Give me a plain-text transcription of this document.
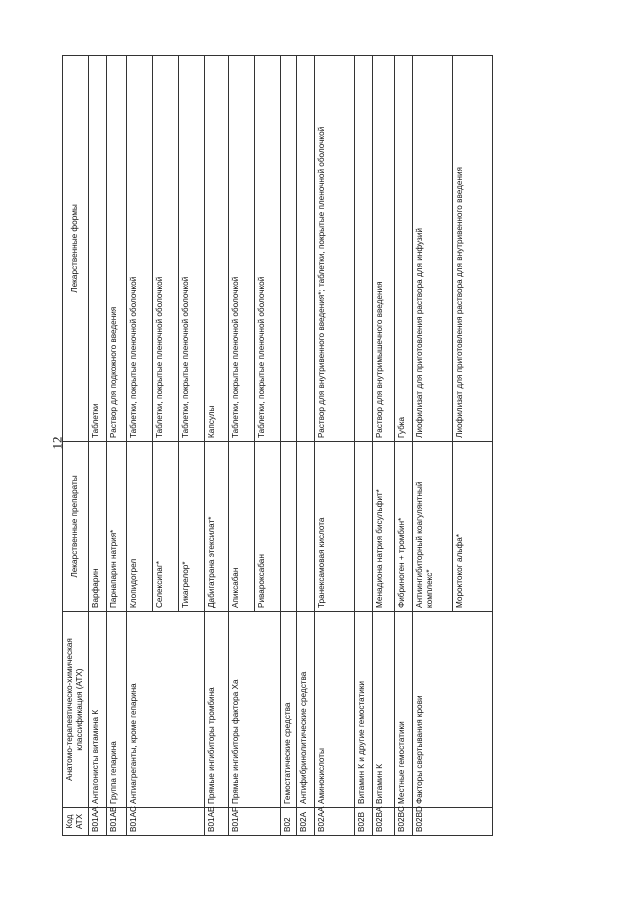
12
Код АТХ	Анатомо-терапевтическо-химическая классификация (АТХ)	Лекарственные препараты	Лекарственные формы
B01AA	Антагонисты витамина К	Варфарин	Таблетки
B01AB	Группа гепарина	Парнапарин натрия*	Раствор для подкожного введения
B01AC	Антиагреганты, кроме гепарина	Клопидогрел	Таблетки, покрытые пленочной оболочкой
		Селексипаг*	Таблетки, покрытые пленочной оболочкой
		Тикагрелор*	Таблетки, покрытые пленочной оболочкой
B01AE	Прямые ингибиторы тромбина	Дабигатрана этексилат*	Капсулы
B01AF	Прямые ингибиторы фактора Ха	Апиксабан	Таблетки, покрытые пленочной оболочкой
		Ривароксабан	Таблетки, покрытые пленочной оболочкой
B02	Гемостатические средства		
B02A	Антифибринолитические средства		
B02AA	Аминокислоты	Транексамовая кислота	Раствор для внутривенного введения*; таблетки, покрытые пленочной оболочкой
B02B	Витамин К и другие гемостатики		
B02BA	Витамин К	Менадиона натрия бисульфит*	Раствор для внутримышечного введения
B02BC	Местные гемостатики	Фибриноген + тромбин*	Губка
B02BD	Факторы свертывания крови	Антиингибиторный коагулянтный комплекс*	Лиофилизат для приготовления раствора для инфузий
		Мороктоког альфа*	Лиофилизат для приготовления раствора для внутривенного введения
